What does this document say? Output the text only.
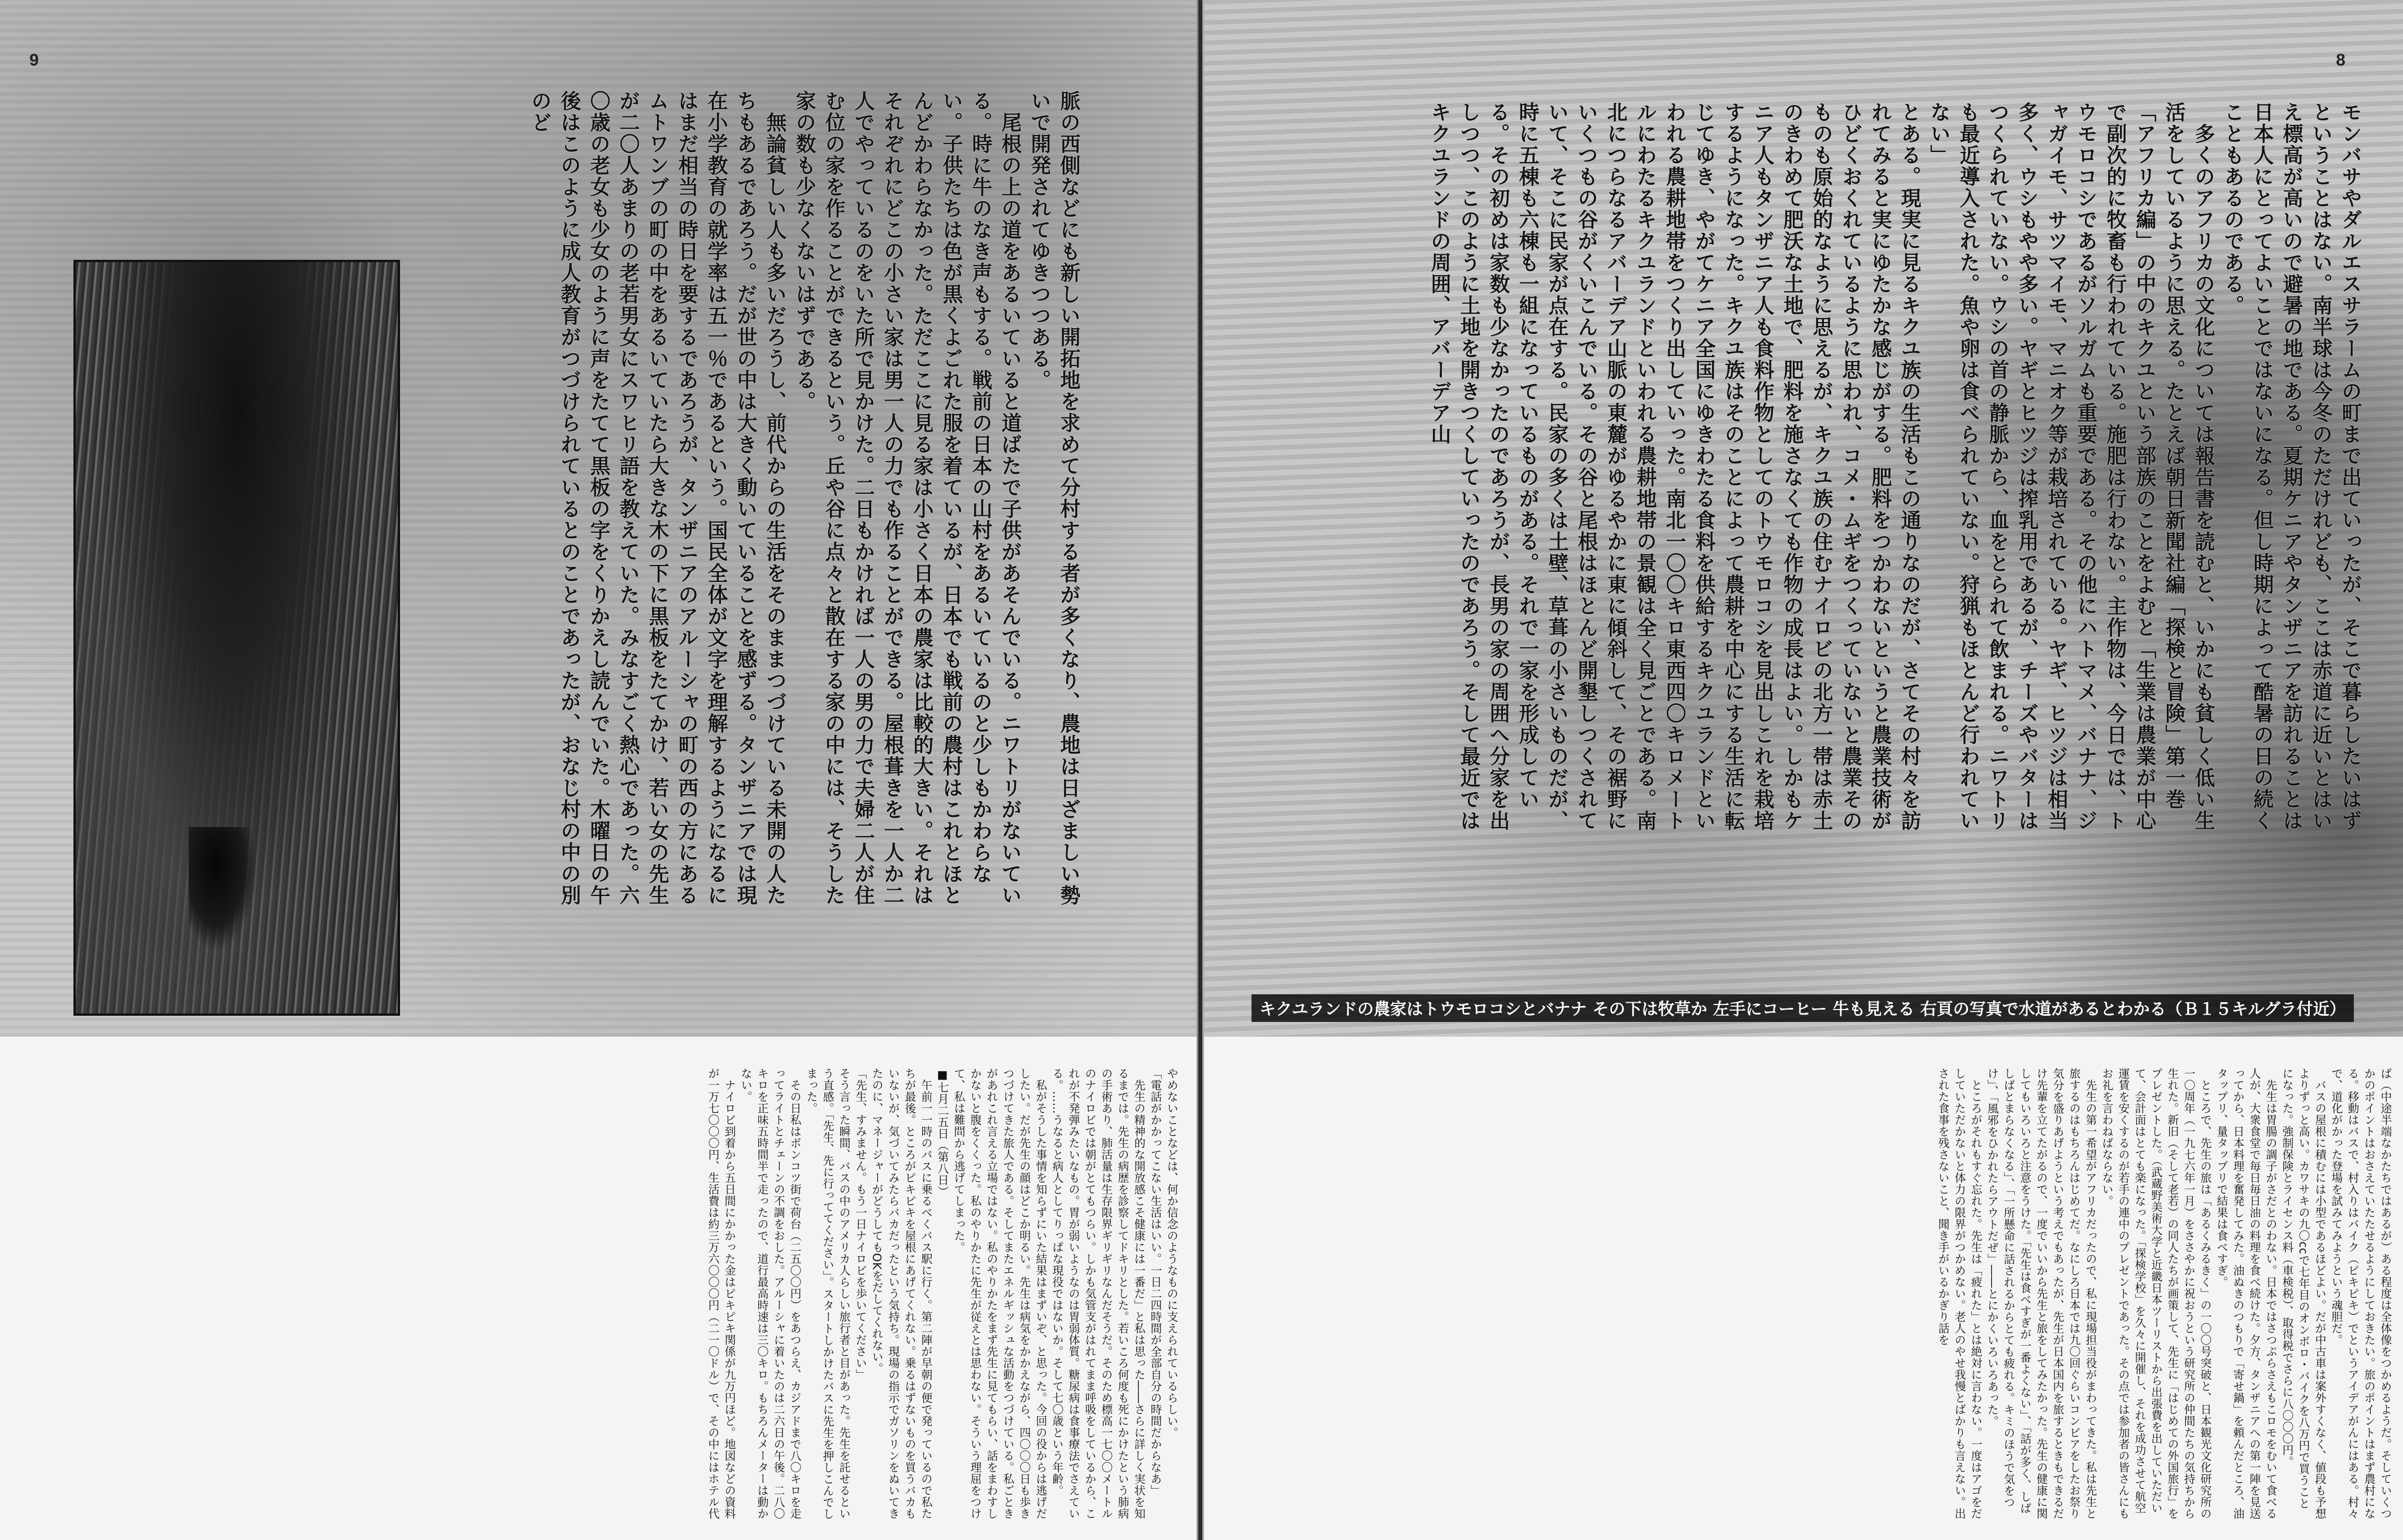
9
脈の西側などにも新しい開拓地を求めて分村する者が多くなり、農地は日ざましい勢いで開発されてゆきつつある。
　尾根の上の道をあるいていると道ばたで子供があそんでいる。ニワトリがないている。時に牛のなき声もする。戦前の日本の山村をあるいているのと少しもかわらない。子供たちは色が黒くよごれた服を着ているが、日本でも戦前の農村はこれとほとんどかわらなかった。ただここに見る家は小さく日本の農家は比較的大きい。それはそれぞれにどこの小さい家は男一人の力でも作ることができる。屋根葺きを一人か二人でやっているのをいた所で見かけた。二日もかければ一人の男の力で夫婦二人が住む位の家を作ることができるという。丘や谷に点々と散在する家の中には、そうした家の数も少なくないはずである。
　無論貧しい人も多いだろうし、前代からの生活をそのままつづけている未開の人たちもあるであろう。だが世の中は大きく動いていることを感ずる。タンザニアでは現在小学教育の就学率は五一％であるという。国民全体が文字を理解するようになるにはまだ相当の時日を要するであろうが、タンザニアのアルーシャの町の西の方にあるムトワンブの町の中をあるいていたら大きな木の下に黒板をたてかけ、若い女の先生が二〇人あまりの老若男女にスワヒリ語を教えていた。みなすごく熱心であった。六〇歳の老女も少女のように声をたてて黒板の字をくりかえし読んでいた。木曜日の午後はこのように成人教育がつづけられているとのことであったが、おなじ村の中の別のど
やめないことなどは、何か信念のようなものに支えられているらしい。
「電話がかかってこない生活はいい。一日二四時間が全部自分の時間だからなあ」
　先生の精神的な開放感こそ健康には一番だ」と私は思った――さらに詳しく実状を知るまでは。先生の病歴を診察してドキリとした。若いころ何度も死にかけたという肺病の手術あり、肺活量は生存限界ギリギリなんだそうだ。そのため標高一七〇〇メートルのナイロビでは朝がとてもつらい。しかも気管支がはれてまま呼吸をしているから、これが不発弾みたいなもの。胃が弱いようなのは胃弱体質。糖尿病は食事療法でさえている。……うなると病人としてりっぱな現役ではないか。そして七〇歳という年齢。
　私がそうした事情を知らずにいた結果はまずいぞ、と思った。今回の役からは逃げだしたい。だが先生の顔はどこか明るい。先生は病気をかかえながら、四〇〇〇日も歩きつづけてきた旅人である。そしてまたエネルギッシュな活動をつづけている。私ごときがあれこれ言える立場ではない。私のやりかたをまず先生に見てもらい、話をまわすしかないと腹をくくった。私のやりかたに先生が従えとは思わない。そういう理屈をつけて、私は難問から逃げてしまった。
■七月二五日（第八日）
　午前一一時のバスに乗るべくバス駅に行く。第二陣が早朝の便で発っているので私たちが最後。ところがピキピキを屋根にあげてくれない。乗るはずないものを買うバカもいないが、気づいてみたらバカだったという気持ち。現場の指示でガソリンをぬいてきたのに、マネージャーがどうしてもOKをだしてくれない。
「先生、すみません。もう一日ナイロビを歩いてください」
そう言った瞬間、バスの中のアメリカ人らしい旅行者と目があった。先生を託せるという直感。「先生、先に行っててください」。スタートしかけたバスに先生を押しこんでしまった。
　その日私はボンコツ街で荷台（二五〇〇円）をあつらえ、カジアドまで八〇キロを走ってライトとチェーンの不調をおした。アルーシャに着いたのは二六日の午後。二八〇キロを正味五時間半で走ったので、道行最高時速は三〇キロ。もちろんメーターは動かない。
　ナイロビ到着から五日間にかかった金はピキピキ関係が九万円ほど。地図などの資料が一万七〇〇〇円、生活費は約三万六〇〇〇円（二一〇ドル）で、その中にはホテル代
8
モンバサやダルエスサラームの町まで出ていったが、そこで暮らしたいはずということはない。南半球は今冬のただけれども、ここは赤道に近いとはいえ標高が高いので避暑の地である。夏期ケニアやタンザニアを訪れることは日本人にとってよいことではないになる。但し時期によって酷暑の日の続くこともあるのである。
　多くのアフリカの文化については報告書を読むと、いかにも貧しく低い生活をしているように思える。たとえば朝日新聞社編「探検と冒険」第一巻「アフリカ編」の中のキクユという部族のことをよむと「生業は農業が中心で副次的に牧畜も行われている。施肥は行わない。主作物は、今日では、トウモロコシであるがソルガムも重要である。その他にハトマメ、バナナ、ジャガイモ、サツマイモ、マニオク等が栽培されている。ヤギ、ヒツジは相当多く、ウシもやや多い。ヤギとヒツジは搾乳用であるが、チーズやバターはつくられていない。ウシの首の静脈から、血をとられて飲まれる。ニワトリも最近導入された。魚や卵は食べられていない。狩猟もほとんど行われていない」
とある。現実に見るキクユ族の生活もこの通りなのだが、さてその村々を訪れてみると実にゆたかな感じがする。肥料をつかわないというと農業技術がひどくおくれているように思われ、コメ・ムギをつくっていないと農業そのものも原始的なように思えるが、キクユ族の住むナイロビの北方一帯は赤土のきわめて肥沃な土地で、肥料を施さなくても作物の成長はよい。しかもケニア人もタンザニア人も食料作物としてのトウモロコシを見出しこれを栽培するようになった。キクユ族はそのことによって農耕を中心にする生活に転じてゆき、やがてケニア全国にゆきわたる食料を供給するキクユランドといわれる農耕地帯をつくり出していった。南北一〇〇キロ東西四〇キロメートルにわたるキクユランドといわれる農耕地帯の景観は全く見ごとである。南北につらなるアバーデア山脈の東麓がゆるやかに東に傾斜して、その裾野にいくつもの谷がくいこんでいる。その谷と尾根はほとんど開墾しつくされていて、そこに民家が点在する。民家の多くは土壁、草葺の小さいものだが、時に五棟も六棟も一組になっているものがある。それで一家を形成している。その初めは家数も少なかったのであろうが、長男の家の周囲へ分家を出しつつ、このように土地を開きつくしていったのであろう。そして最近ではキクユランドの周囲、アバーデア山
ば（中途半端なかたちではあるが）ある程度は全体像をつかめるようだ。そしていくつかのポイントはおさえていたたせるようにしておきたい。旅のポイントはまず農村になる。移動はバスで、村入りはバイク（ピキピキ）でというアイデアがんにはある。村々で、道化がかった登場を試みてみようという魂胆だ。
　バスの屋根に積むには小型であるほどよい。だが中古車は案外すくなく、値段も予想よりずっと高い。カワサキの九〇ccで七年目のオンボロ・バイクを八万円で買うことになった。強制保険とライセンス料（車検税）、取得税でさらに八〇〇〇円。
　先生は胃腸の調子がさだとのわない。日本ではさつぷらさえもこロモをむいて食べる人が、大衆食堂で毎日毎日油の料理を食べ続けた。夕方、タンザニアへの第一陣を見送ってから、日本料理を奮発してみた。油ぬきのつもりで「寄せ鍋」を頼んだところ、油タップリ、量タップリで結果は食べすぎ。
　ところで、先生の旅は「あるくみるきく」の一〇〇号突破と、日本観光文化研究所の一〇周年（一九七六年一月）をささやかに祝おうという研究所の仲間たちの気持ちから生れた。新旧（そして老若）の同人たちが画策して、先生に「はじめての外国旅行」をプレゼントした。（武蔵野美術大学と近畿日本ツーリストから出張費を出していただいて、会計面はとても楽になった。「探検学校」を久々に開催し、それを成功させて航空運賃を安くするのが若手の連中のプレゼントであった。その点では参加者の皆さんにもお礼を言わねばならない。
　先生の第一希望がアフリカだったので、私に現場担当役がまわってきた。私は先生と旅するのはもちろんはじめてだ。なにしろ日本では九〇回ぐらいコンビアをしたお祭り気分を盛りあげようという考えでもあったが、先生が日本国内を旅するときもできるだけ先輩を立てたがるので、一度でいいから先生と旅をしてみたかった。先生の健康に関してもいろいろと注意をうけた。「先生は食べすぎが一番よくない」、「話が多く、しばしばとまらなくなる」、「一所懸命に話されるからとても疲れる。キミのほうで気をつけ」、「風邪をひかれたらアウトだぜ」――とにかくいろいろあった。
　ところがそれもすぐ忘れた。先生は「疲れた」とは絶対に言わない。一度はアゴをだしていただかないと体力の限界がつかめない。老人のやせ我慢とばかりも言えない。出された食事を残さないこと、聞き手がいるかぎり話を
キクユランドの農家はトウモロコシとバナナ その下は牧草か 左手にコーヒー 牛も見える 右頁の写真で水道があるとわかる（Ｂ１５キルグラ付近）
